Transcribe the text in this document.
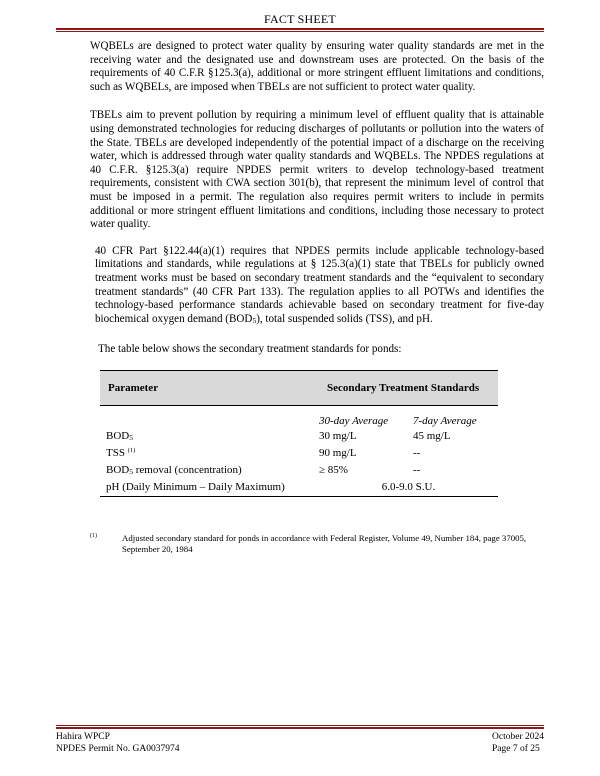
FACT SHEET

WQBELs are designed to protect water quality by ensuring water quality standards are met in the receiving water and the designated use and downstream uses are protected. On the basis of the requirements of 40 C.F.R §125.3(a), additional or more stringent effluent limitations and conditions, such as WQBELs, are imposed when TBELs are not sufficient to protect water quality.

TBELs aim to prevent pollution by requiring a minimum level of effluent quality that is attainable using demonstrated technologies for reducing discharges of pollutants or pollution into the waters of the State. TBELs are developed independently of the potential impact of a discharge on the receiving water, which is addressed through water quality standards and WQBELs. The NPDES regulations at 40 C.F.R. §125.3(a) require NPDES permit writers to develop technology-based treatment requirements, consistent with CWA section 301(b), that represent the minimum level of control that must be imposed in a permit. The regulation also requires permit writers to include in permits additional or more stringent effluent limitations and conditions, including those necessary to protect water quality.

40 CFR Part §122.44(a)(1) requires that NPDES permits include applicable technology-based limitations and standards, while regulations at § 125.3(a)(1) state that TBELs for publicly owned treatment works must be based on secondary treatment standards and the “equivalent to secondary treatment standards” (40 CFR Part 133). The regulation applies to all POTWs and identifies the technology-based performance standards achievable based on secondary treatment for five-day biochemical oxygen demand $(BOD_5)$, total suspended solids (TSS), and pH.

The table below shows the secondary treatment standards for ponds:

Parameter	Secondary Treatment Standards	
	30-day Average	7-day Average
$BOD_5$	30 mg/L	45 mg/L
TSS $^{(1)}$	90 mg/L	--
$BOD_5$ removal (concentration)	≥ 85%	--
pH (Daily Minimum – Daily Maximum)	6.0-9.0 S.U.	
(1)	Adjusted secondary standard for ponds in accordance with Federal Register, Volume 49, Number 184, page 37005, September 20, 1984
Hahira WPCP
NPDES Permit No. GA0037974
October 2024
Page 7 of 25
